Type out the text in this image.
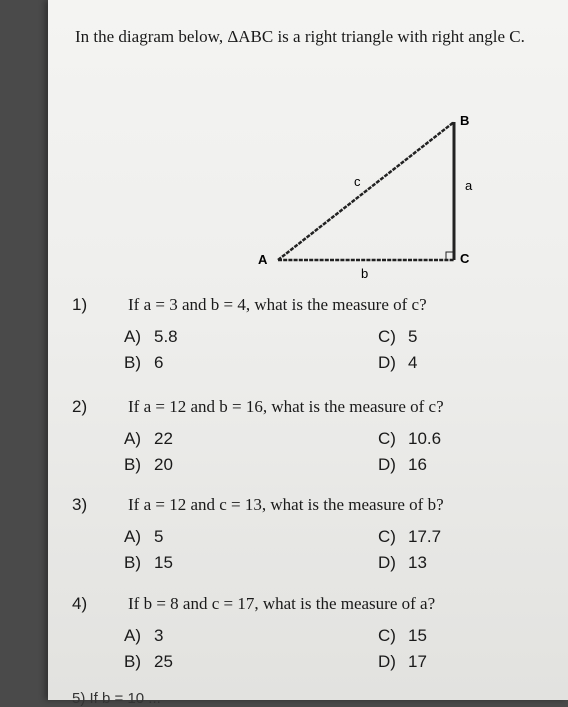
In the diagram below, ΔABC is a right triangle with right angle C.
A
B
C
a
b
c
1) If a = 3 and b = 4, what is the measure of c?
A) 5.8	C) 5
B) 6	D) 4
2) If a = 12 and b = 16, what is the measure of c?
A) 22	C) 10.6
B) 20	D) 16
3) If a = 12 and c = 13, what is the measure of b?
A) 5	C) 17.7
B) 15	D) 13
4) If b = 8 and c = 17, what is the measure of a?
A) 3	C) 15
B) 25	D) 17
5) If b = 10 ...
